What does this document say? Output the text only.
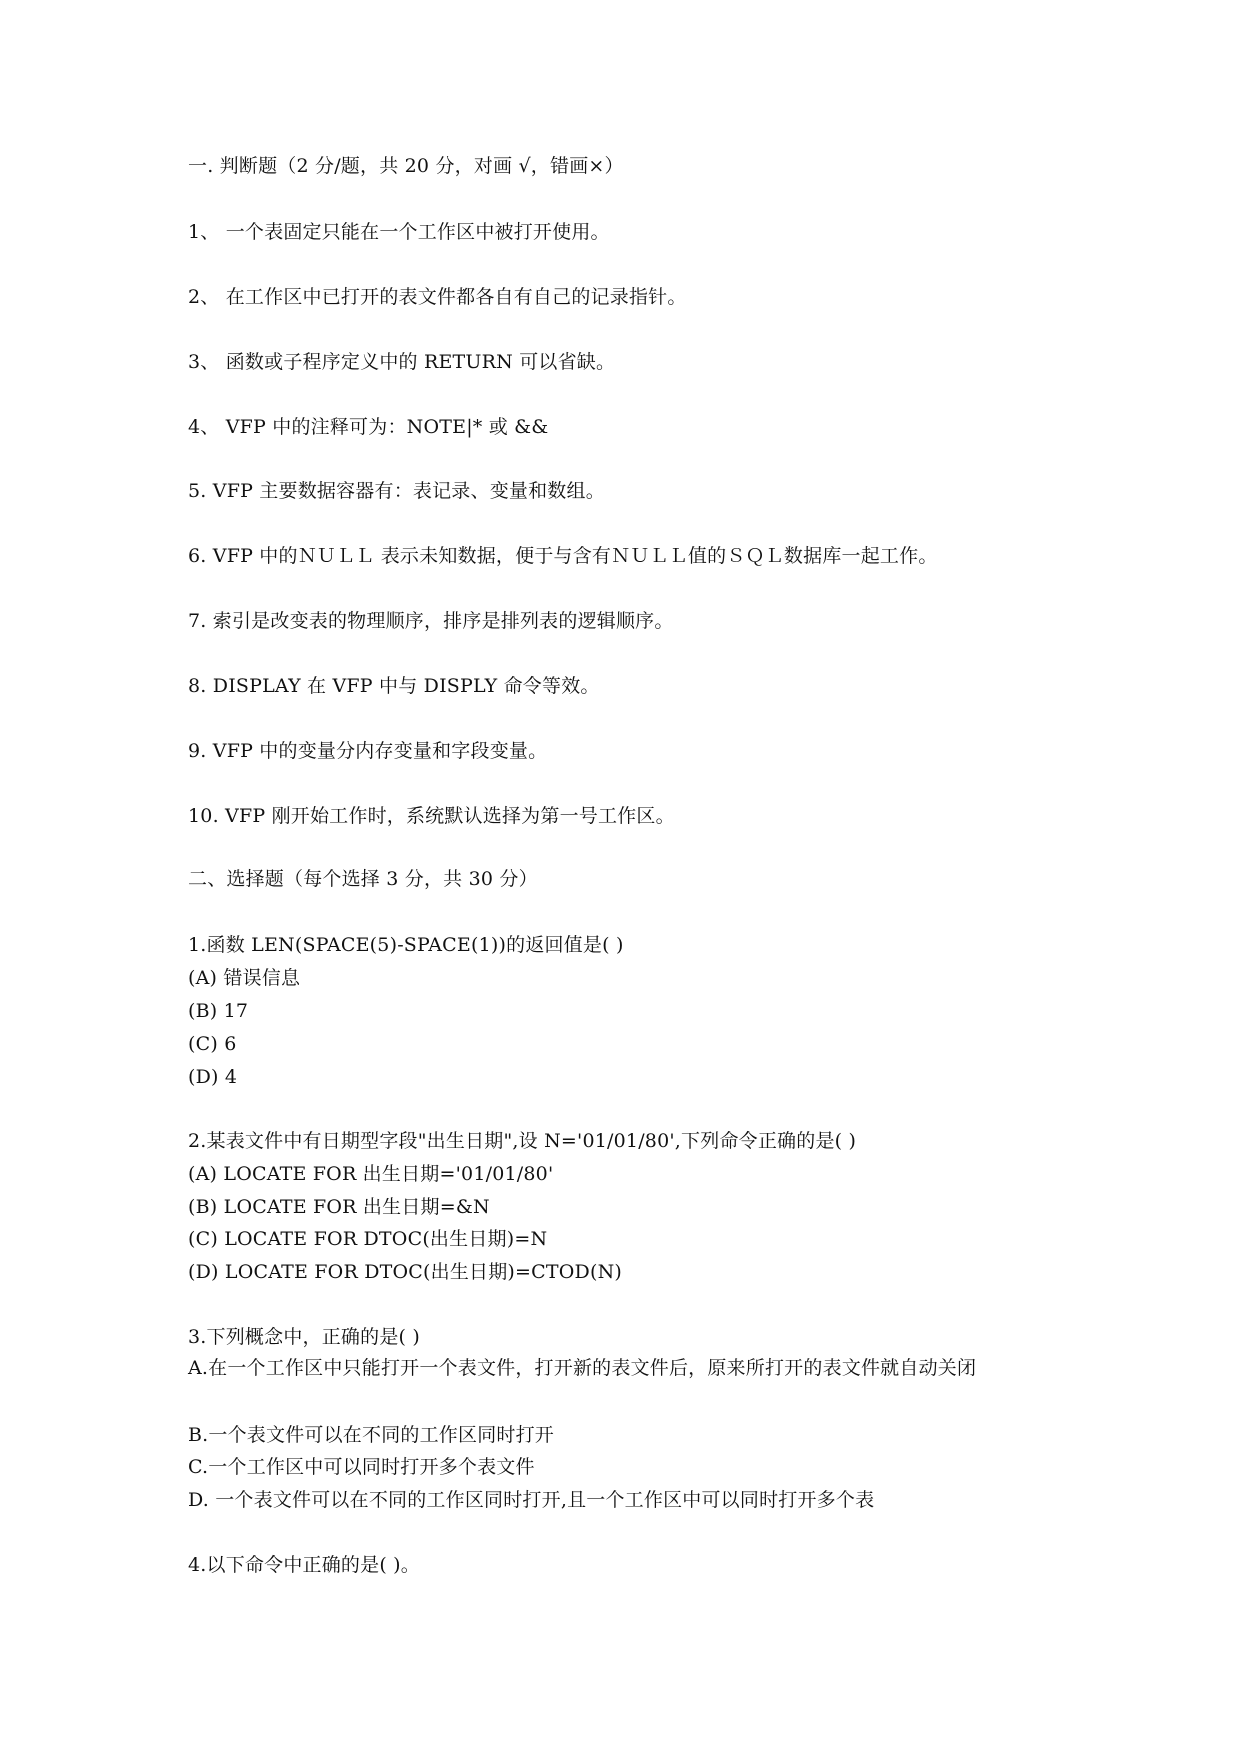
一. 判断题（2 分/题，共 20 分，对画 √，错画×）
1、 一个表固定只能在一个工作区中被打开使用。
2、 在工作区中已打开的表文件都各自有自己的记录指针。
3、 函数或子程序定义中的 RETURN 可以省缺。
4、 VFP 中的注释可为：NOTE|* 或 &&
5. VFP 主要数据容器有：表记录、变量和数组。
6. VFP 中的ＮＵＬＬ 表示未知数据，便于与含有ＮＵＬＬ值的ＳＱＬ数据库一起工作。
7. 索引是改变表的物理顺序，排序是排列表的逻辑顺序。
8. DISPLAY 在 VFP 中与 DISPLY 命令等效。
9. VFP 中的变量分内存变量和字段变量。
10. VFP 刚开始工作时，系统默认选择为第一号工作区。
二、选择题（每个选择 3 分，共 30 分）
1.函数 LEN(SPACE(5)-SPACE(1))的返回值是( )
(A) 错误信息
(B) 17
(C) 6
(D) 4
2.某表文件中有日期型字段"出生日期",设 N='01/01/80',下列命令正确的是( )
(A) LOCATE FOR 出生日期='01/01/80'
(B) LOCATE FOR 出生日期=&N
(C) LOCATE FOR DTOC(出生日期)=N
(D) LOCATE FOR DTOC(出生日期)=CTOD(N)
3.下列概念中，正确的是( )
A.在一个工作区中只能打开一个表文件，打开新的表文件后，原来所打开的表文件就自动关闭
B.一个表文件可以在不同的工作区同时打开
C.一个工作区中可以同时打开多个表文件
D. 一个表文件可以在不同的工作区同时打开,且一个工作区中可以同时打开多个表
4.以下命令中正确的是( )。
